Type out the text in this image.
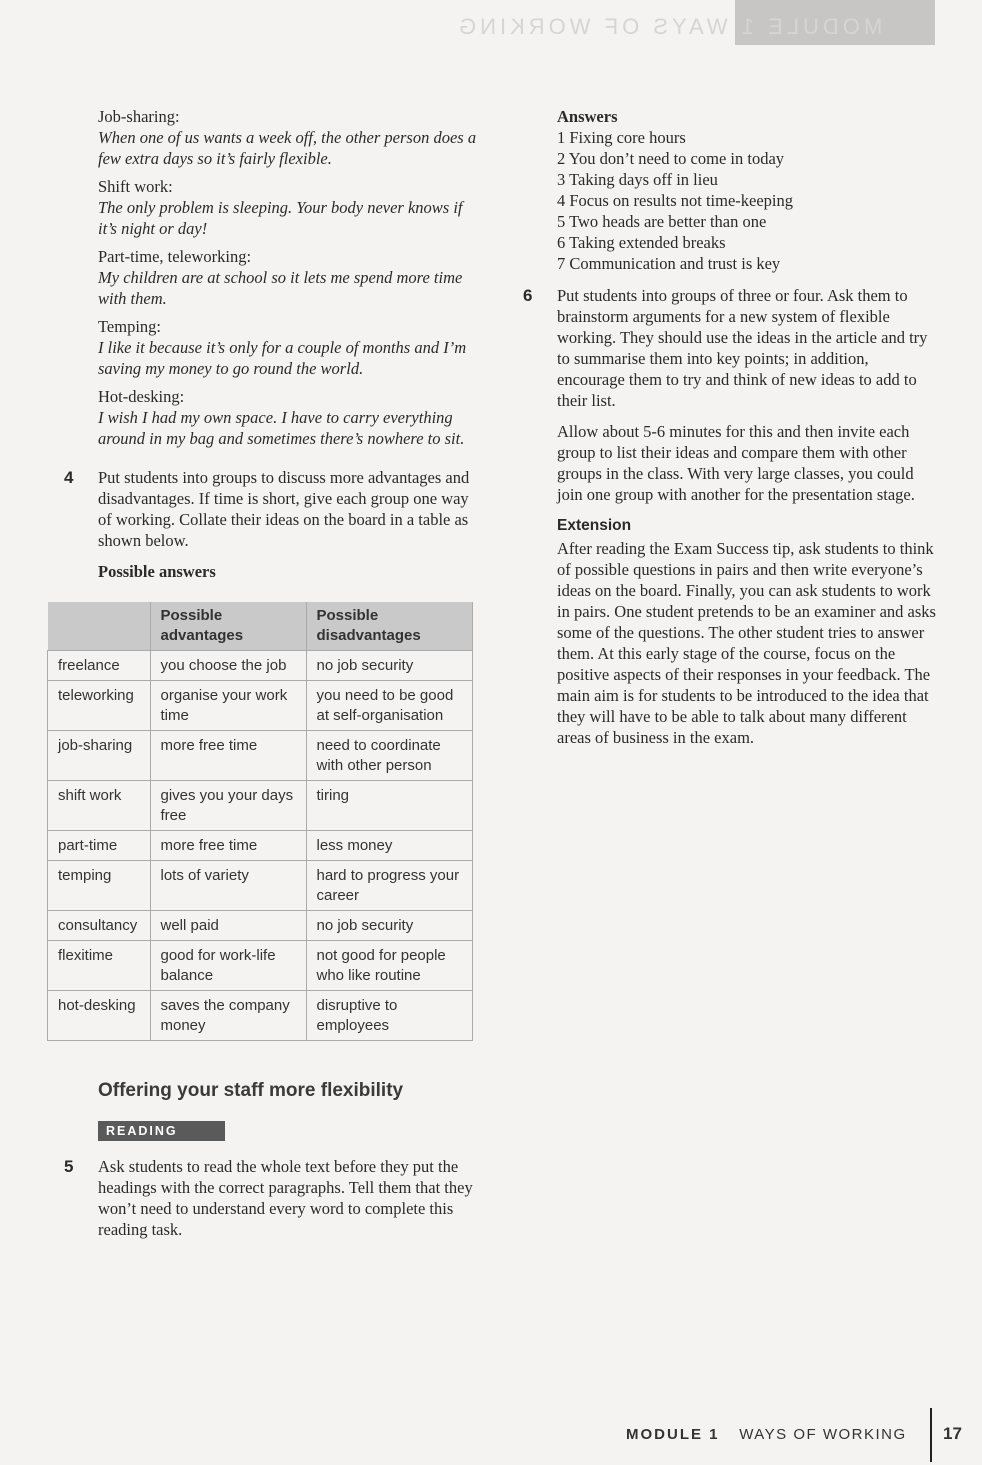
MODULE 1 WAYS OF WORKING

Job-sharing:

When one of us wants a week off, the other person does a few extra days so it’s fairly flexible.

Shift work:

The only problem is sleeping. Your body never knows if it’s night or day!

Part-time, teleworking:

My children are at school so it lets me spend more time with them.

Temping:

I like it because it’s only for a couple of months and I’m saving my money to go round the world.

Hot-desking:

I wish I had my own space. I have to carry everything around in my bag and sometimes there’s nowhere to sit.

4 Put students into groups to discuss more advantages and disadvantages. If time is short, give each group one way of working. Collate their ideas on the board in a table as shown below.

Possible answers

	Possible advantages	Possible disadvantages
freelance	you choose the job	no job security
teleworking	organise your work time	you need to be good at self-organisation
job-sharing	more free time	need to coordinate with other person
shift work	gives you your days free	tiring
part-time	more free time	less money
temping	lots of variety	hard to progress your career
consultancy	well paid	no job security
flexitime	good for work-life balance	not good for people who like routine
hot-desking	saves the company money	disruptive to employees
Offering your staff more flexibility
READING
5 Ask students to read the whole text before they put the headings with the correct paragraphs. Tell them that they won’t need to understand every word to complete this reading task.

Answers

1 Fixing core hours

2 You don’t need to come in today

3 Taking days off in lieu

4 Focus on results not time-keeping

5 Two heads are better than one

6 Taking extended breaks

7 Communication and trust is key

6 Put students into groups of three or four. Ask them to brainstorm arguments for a new system of flexible working. They should use the ideas in the article and try to summarise them into key points; in addition, encourage them to try and think of new ideas to add to their list.

Allow about 5-6 minutes for this and then invite each group to list their ideas and compare them with other groups in the class. With very large classes, you could join one group with another for the presentation stage.

Extension

After reading the Exam Success tip, ask students to think of possible questions in pairs and then write everyone’s ideas on the board. Finally, you can ask students to work in pairs. One student pretends to be an examiner and asks some of the questions. The other student tries to answer them. At this early stage of the course, focus on the positive aspects of their responses in your feedback. The main aim is for students to be introduced to the idea that they will have to be able to talk about many different areas of business in the exam.

MODULE 1 WAYS OF WORKING 17
